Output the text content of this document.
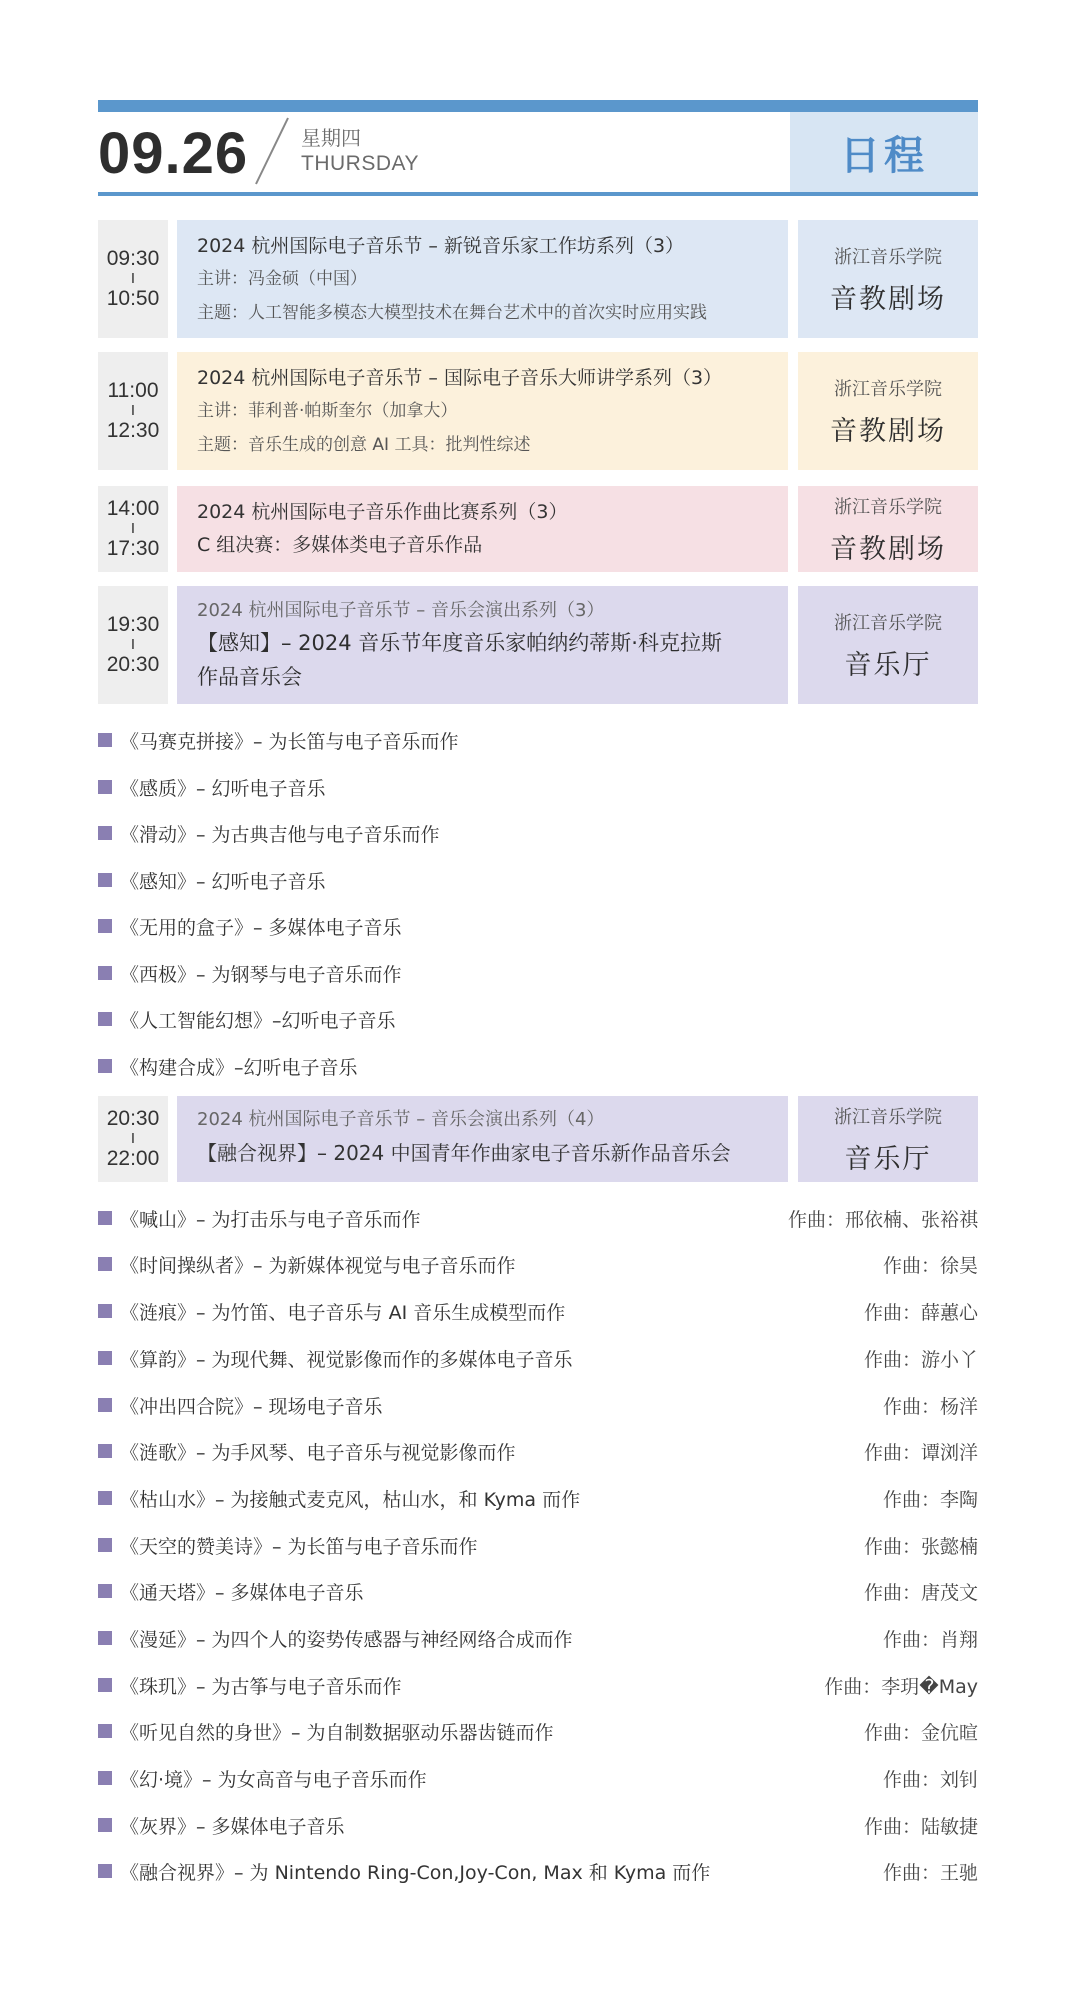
09.26	星期四
THURSDAY	日程
09:30
I
10:50
2024 杭州国际电子音乐节 – 新锐音乐家工作坊系列（3）
主讲：冯金硕（中国）
主题：人工智能多模态大模型技术在舞台艺术中的首次实时应用实践
浙江音乐学院
音教剧场
11:00
I
12:30
2024 杭州国际电子音乐节 – 国际电子音乐大师讲学系列（3）
主讲：菲利普·帕斯奎尔（加拿大）
主题：音乐生成的创意 AI 工具：批判性综述
浙江音乐学院
音教剧场
14:00
I
17:30
2024 杭州国际电子音乐作曲比赛系列（3）
C 组决赛：多媒体类电子音乐作品
浙江音乐学院
音教剧场
19:30
I
20:30
2024 杭州国际电子音乐节 – 音乐会演出系列（3）
【感知】– 2024 音乐节年度音乐家帕纳约蒂斯·科克拉斯
作品音乐会
浙江音乐学院
音乐厅
《马赛克拼接》– 为长笛与电子音乐而作
《感质》– 幻听电子音乐
《滑动》– 为古典吉他与电子音乐而作
《感知》– 幻听电子音乐
《无用的盒子》– 多媒体电子音乐
《西极》– 为钢琴与电子音乐而作
《人工智能幻想》–幻听电子音乐
《构建合成》–幻听电子音乐
20:30
I
22:00
2024 杭州国际电子音乐节 – 音乐会演出系列（4）
【融合视界】– 2024 中国青年作曲家电子音乐新作品音乐会
浙江音乐学院
音乐厅
《喊山》– 为打击乐与电子音乐而作	作曲：邢依楠、张裕祺
《时间操纵者》– 为新媒体视觉与电子音乐而作	作曲：徐昊
《涟痕》– 为竹笛、电子音乐与 AI 音乐生成模型而作	作曲：薛蕙心
《算韵》– 为现代舞、视觉影像而作的多媒体电子音乐	作曲：游小丫
《冲出四合院》– 现场电子音乐	作曲：杨洋
《涟歌》– 为手风琴、电子音乐与视觉影像而作	作曲：谭浏洋
《枯山水》– 为接触式麦克风，枯山水，和 Kyma 而作	作曲：李陶
《天空的赞美诗》– 为长笛与电子音乐而作	作曲：张懿楠
《通天塔》– 多媒体电子音乐	作曲：唐茂文
《漫延》– 为四个人的姿势传感器与神经网络合成而作	作曲：肖翔
《珠玑》– 为古筝与电子音乐而作	作曲：李玥�May
《听见自然的身世》– 为自制数据驱动乐器齿链而作	作曲：金伉暄
《幻·境》– 为女高音与电子音乐而作	作曲：刘钊
《灰界》– 多媒体电子音乐	作曲：陆敏捷
《融合视界》– 为 Nintendo Ring-Con,Joy-Con, Max 和 Kyma 而作	作曲：王驰
